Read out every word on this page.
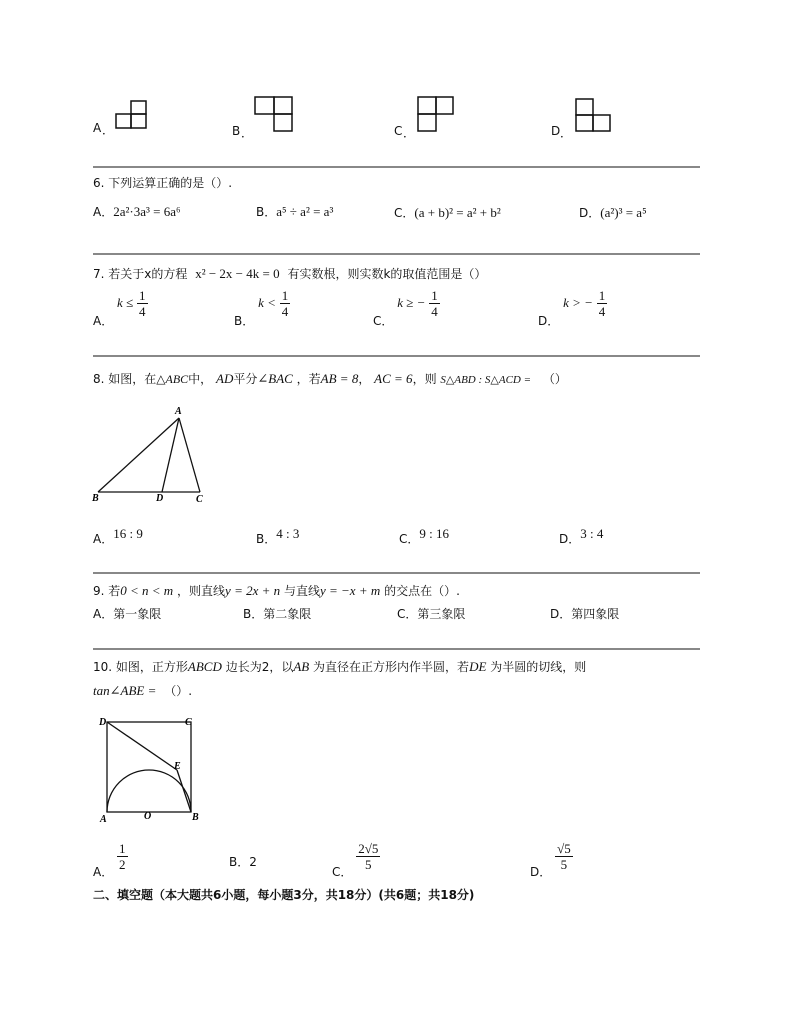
A ．	B ．	C ．	D ．
6. 下列运算正确的是（）.
A．2a²·3a³ = 6a⁶	B．a⁵ ÷ a² = a³	C．(a + b)² = a² + b²	D．(a²)³ = a⁵
7. 若关于x的方程 x² − 2x − 4k = 0 有实数根，则实数k的取值范围是（）
A． $k \le \frac{1}{4}$
B． $k < \frac{1}{4}$
C． k ≥ − $\frac{1}{4}$
D． k > − $\frac{1}{4}$
8. 如图，在△ABC中， AD平分∠BAC ，若AB = 8， AC = 6，则 S△ABD : S△ACD = （）
A
B	D	C
A．16 : 9	B．4 : 3	C．9 : 16	D．3 : 4
9. 若0 < n < m ，则直线y = 2x + n 与直线y = −x + m 的交点在（）.
A．第一象限	B．第二象限	C．第三象限	D．第四象限
10. 如图，正方形ABCD 边长为2，以AB 为直径在正方形内作半圆，若DE 为半圆的切线，则
tan∠ABE = （）.
D	C
E
A	O	B
A． $\frac{1}{2}$	B．2
C． $\frac{2√5}{5}$	D． $\frac{√5}{5}$
二、填空题（本大题共6小题，每小题3分，共18分）(共6题；共18分)
